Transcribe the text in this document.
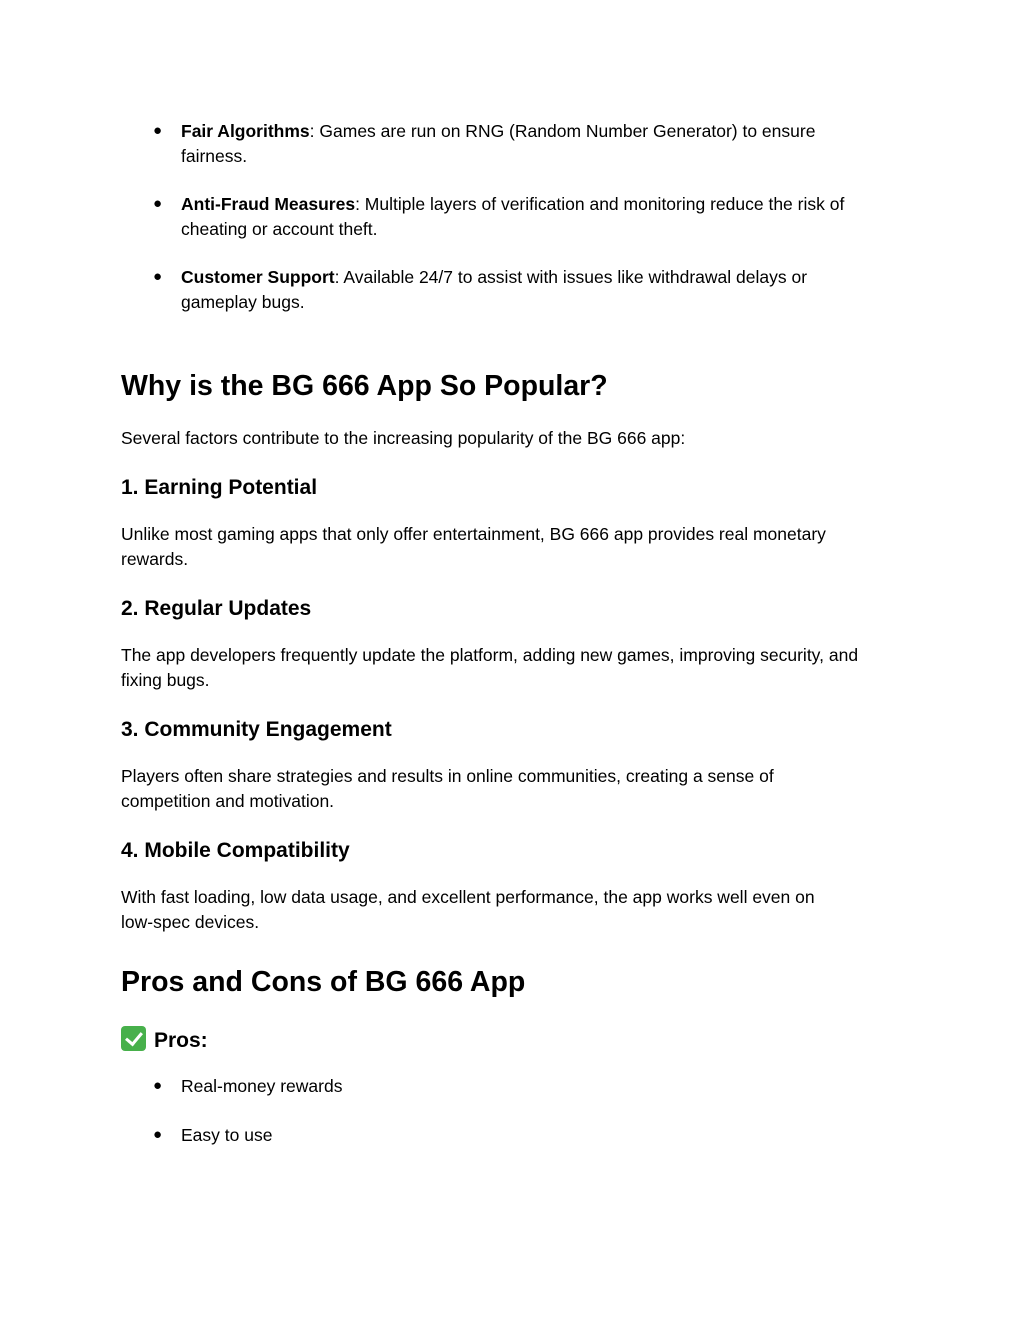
● Fair Algorithms: Games are run on RNG (Random Number Generator) to ensure
fairness.
● Anti-Fraud Measures: Multiple layers of verification and monitoring reduce the risk of
cheating or account theft.
● Customer Support: Available 24/7 to assist with issues like withdrawal delays or
gameplay bugs.
Why is the BG 666 App So Popular?

Several factors contribute to the increasing popularity of the BG 666 app:

1. Earning Potential

Unlike most gaming apps that only offer entertainment, BG 666 app provides real monetary
rewards.

2. Regular Updates

The app developers frequently update the platform, adding new games, improving security, and
fixing bugs.

3. Community Engagement

Players often share strategies and results in online communities, creating a sense of
competition and motivation.

4. Mobile Compatibility

With fast loading, low data usage, and excellent performance, the app works well even on
low-spec devices.

Pros and Cons of BG 666 App
Pros:
● Real-money rewards
● Easy to use
